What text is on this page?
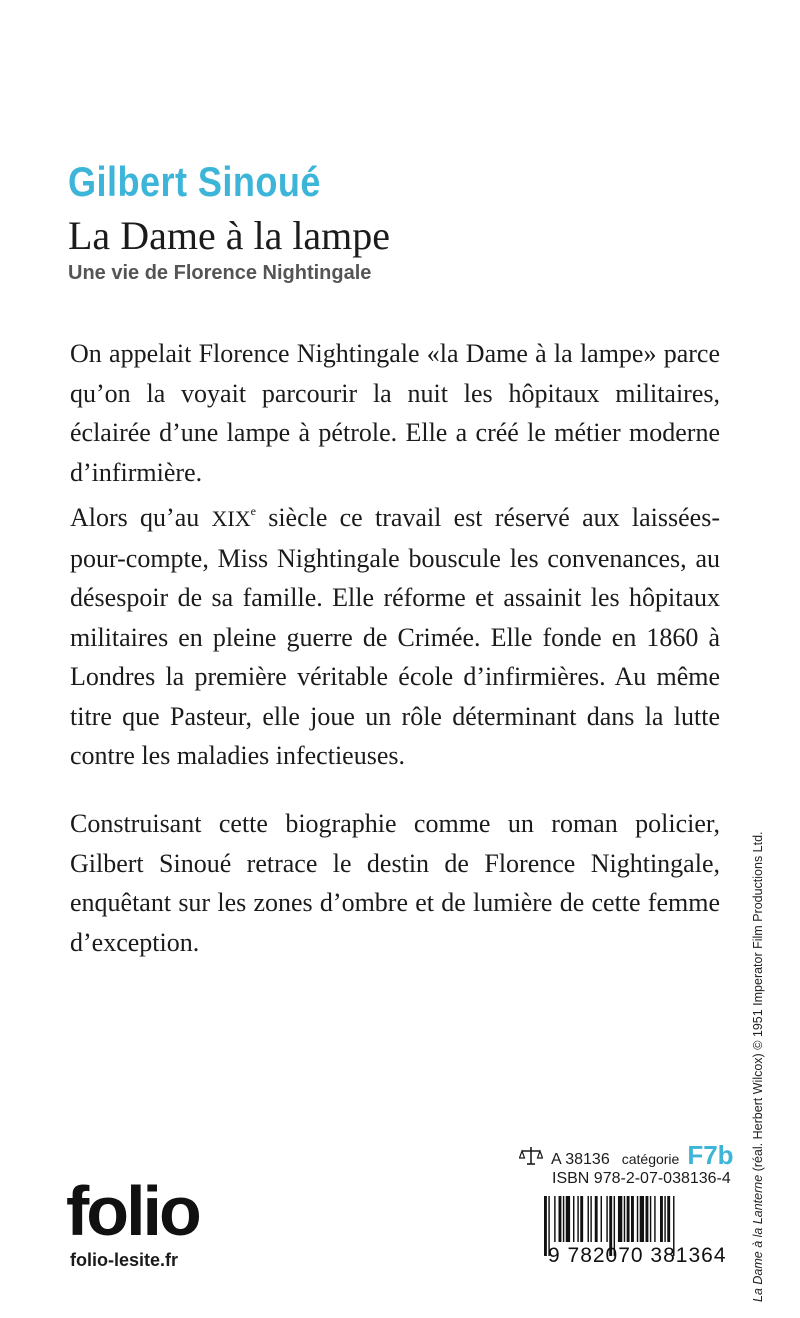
Gilbert Sinoué
La Dame à la lampe
Une vie de Florence Nightingale

On appelait Florence Nightingale «la Dame à la lampe» parce qu’on la voyait parcourir la nuit les hôpitaux militaires, éclairée d’une lampe à pétrole. Elle a créé le métier moderne d’infirmière.

Alors qu’au XIXe siècle ce travail est réservé aux laissées-pour-compte, Miss Nightingale bouscule les convenances, au désespoir de sa famille. Elle réforme et assainit les hôpitaux militaires en pleine guerre de Crimée. Elle fonde en 1860 à Londres la première véritable école d’infirmières. Au même titre que Pasteur, elle joue un rôle déterminant dans la lutte contre les maladies infectieuses.

Construisant cette biographie comme un roman policier, Gilbert Sinoué retrace le destin de Florence Nightingale, enquêtant sur les zones d’ombre et de lumière de cette femme d’exception.

La Dame à la Lanterne (réal. Herbert Wilcox) © 1951 Imperator Film Productions Ltd.
A 38136 catégorie F7b
ISBN 978-2-07-038136-4
9 782070 381364
folio
folio-lesite.fr
